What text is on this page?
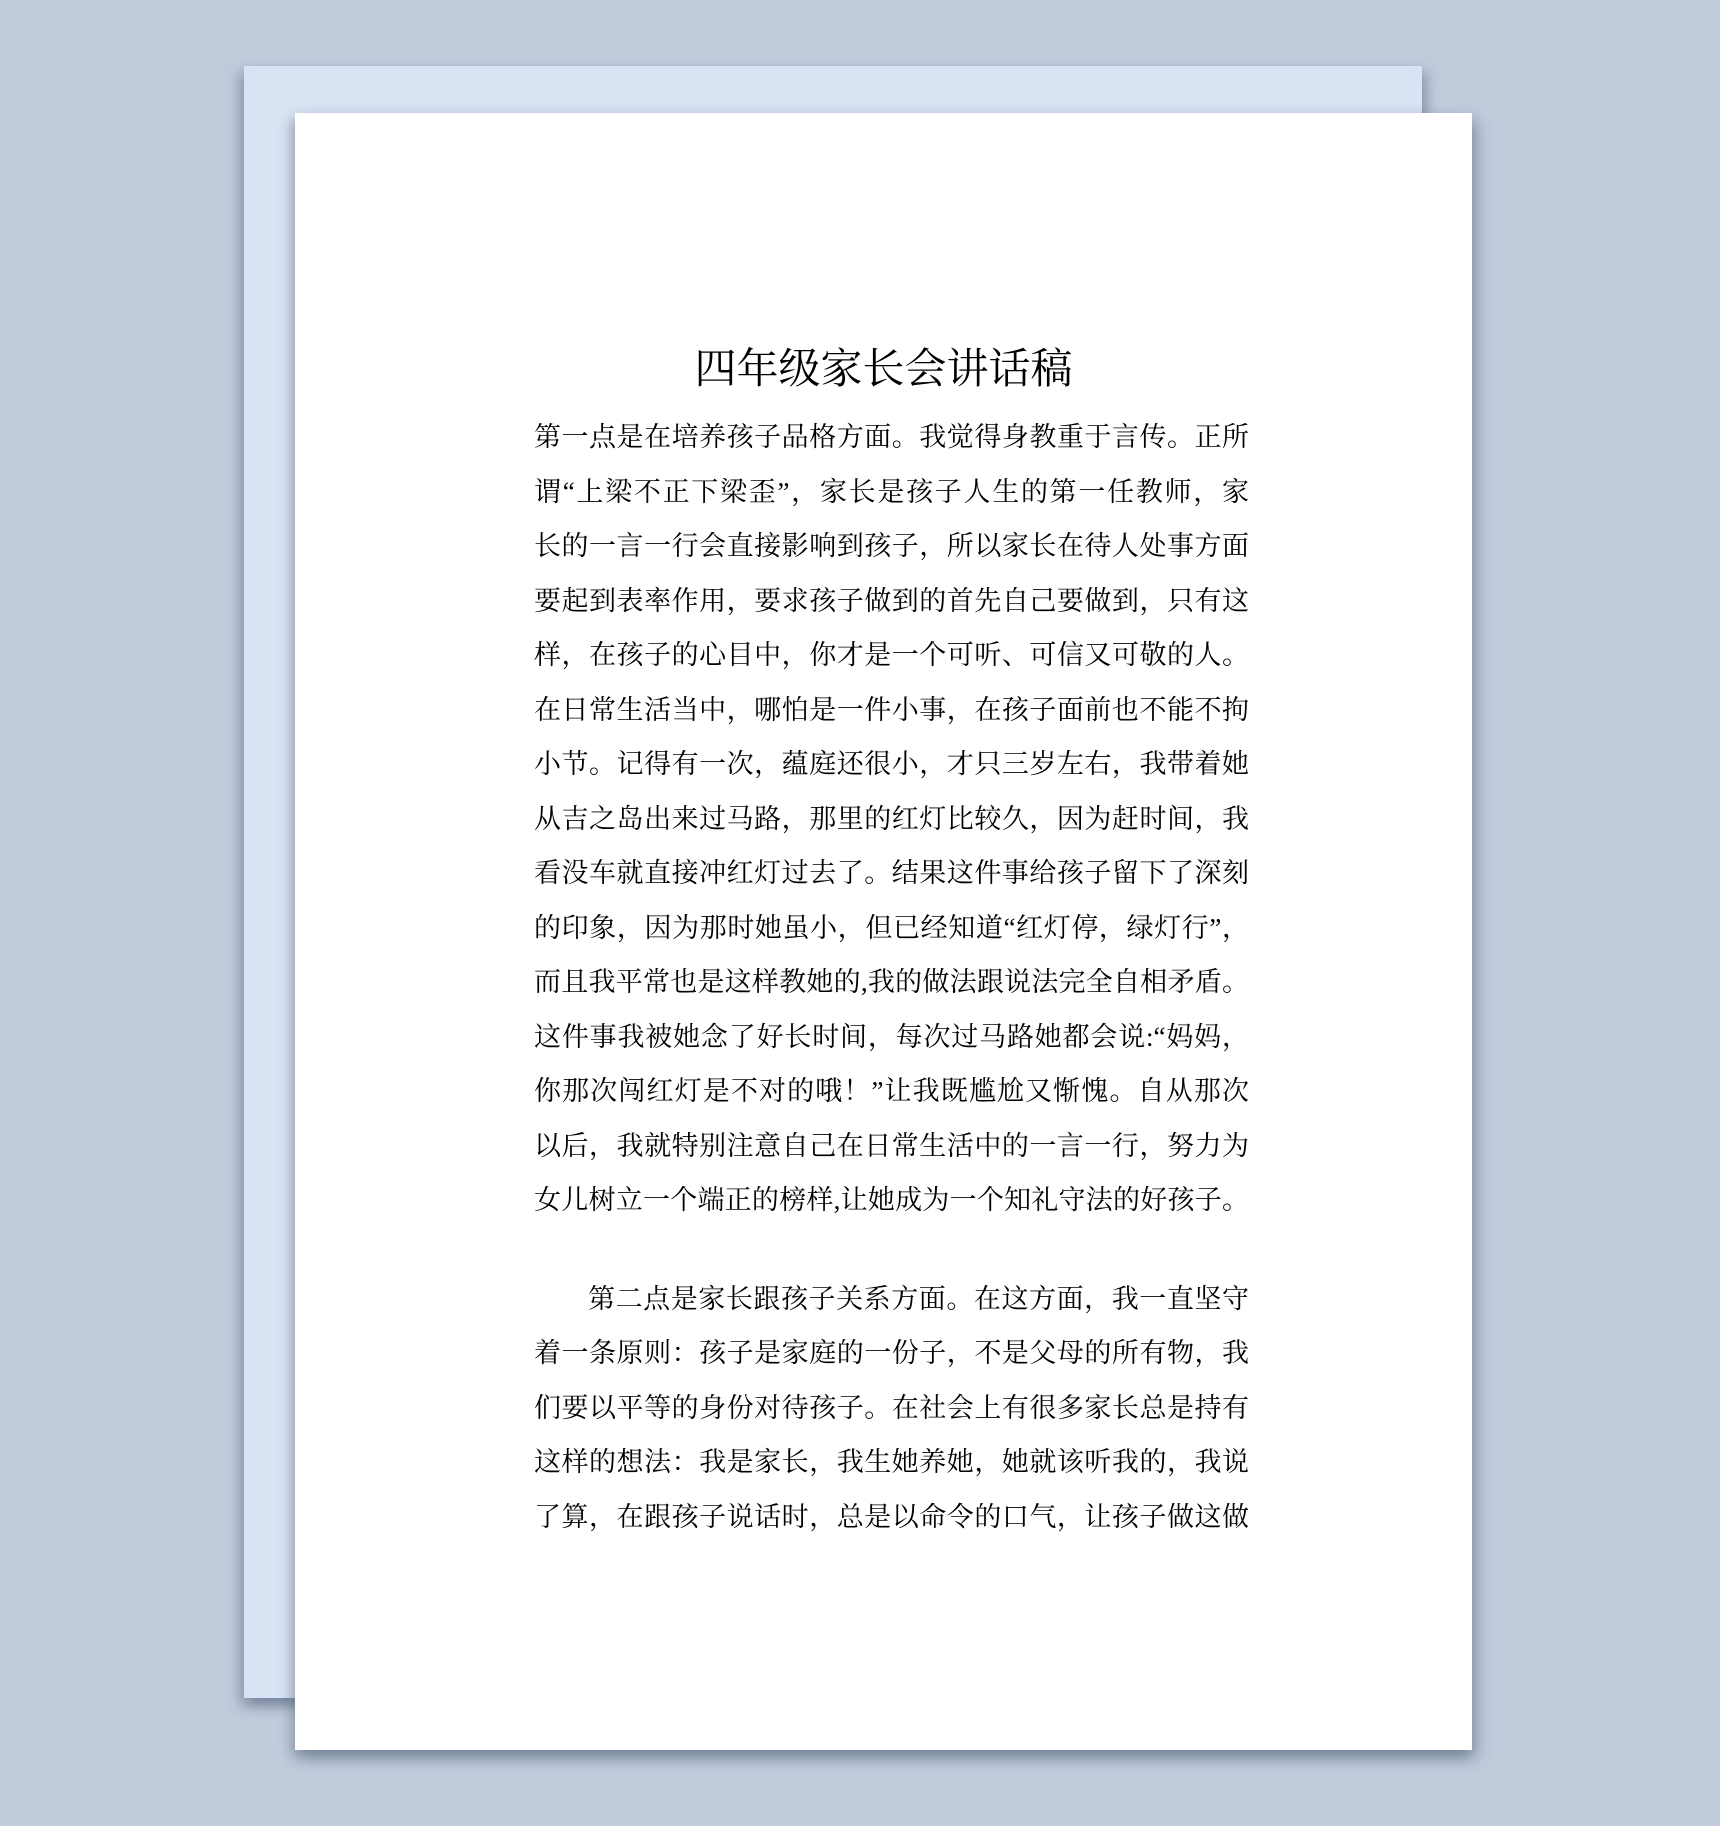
四年级家长会讲话稿
第一点是在培养孩子品格方面。我觉得身教重于言传。正所
谓“上梁不正下梁歪”，家长是孩子人生的第一任教师，家
长的一言一行会直接影响到孩子，所以家长在待人处事方面
要起到表率作用，要求孩子做到的首先自己要做到，只有这
样，在孩子的心目中，你才是一个可听、可信又可敬的人。
在日常生活当中，哪怕是一件小事，在孩子面前也不能不拘
小节。记得有一次，蕴庭还很小，才只三岁左右，我带着她
从吉之岛出来过马路，那里的红灯比较久，因为赶时间，我
看没车就直接冲红灯过去了。结果这件事给孩子留下了深刻
的印象，因为那时她虽小，但已经知道“红灯停，绿灯行”，
而且我平常也是这样教她的,我的做法跟说法完全自相矛盾。
这件事我被她念了好长时间，每次过马路她都会说:“妈妈，
你那次闯红灯是不对的哦！”让我既尴尬又惭愧。自从那次
以后，我就特别注意自己在日常生活中的一言一行，努力为
女儿树立一个端正的榜样,让她成为一个知礼守法的好孩子。
第二点是家长跟孩子关系方面。在这方面，我一直坚守
着一条原则：孩子是家庭的一份子，不是父母的所有物，我
们要以平等的身份对待孩子。在社会上有很多家长总是持有
这样的想法：我是家长，我生她养她，她就该听我的，我说
了算，在跟孩子说话时，总是以命令的口气，让孩子做这做
